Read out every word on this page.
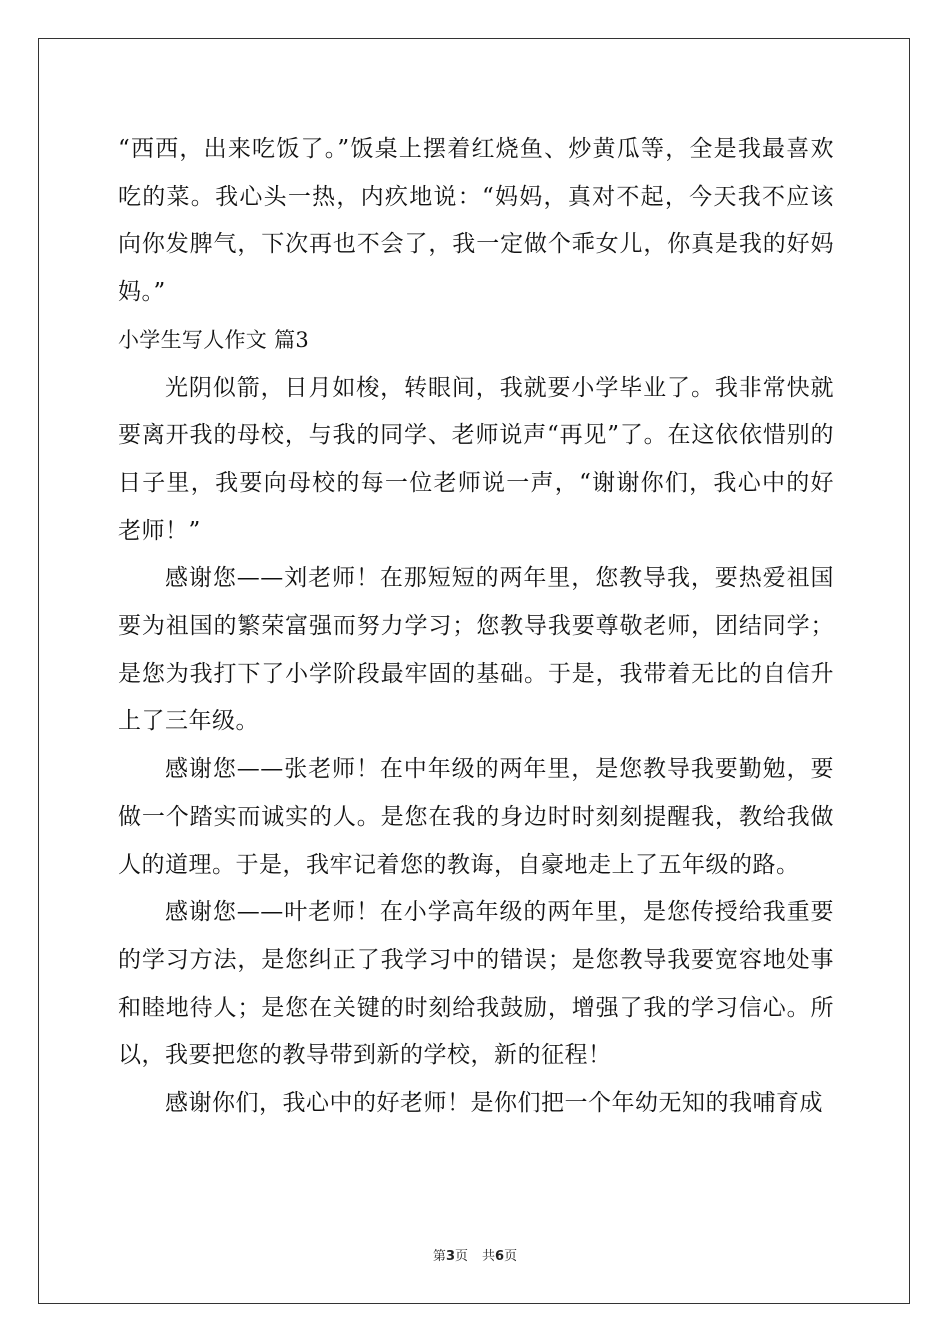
“西西，出来吃饭了。”饭桌上摆着红烧鱼、炒黄瓜等，全是我最喜欢吃的菜。我心头一热，内疚地说：“妈妈，真对不起，今天我不应该向你发脾气，下次再也不会了，我一定做个乖女儿，你真是我的好妈妈。”

小学生写人作文 篇3

光阴似箭，日月如梭，转眼间，我就要小学毕业了。我非常快就要离开我的母校，与我的同学、老师说声“再见”了。在这依依惜别的日子里，我要向母校的每一位老师说一声，“谢谢你们，我心中的好老师！”

感谢您——刘老师！在那短短的两年里，您教导我，要热爱祖国要为祖国的繁荣富强而努力学习；您教导我要尊敬老师，团结同学；是您为我打下了小学阶段最牢固的基础。于是，我带着无比的自信升上了三年级。

感谢您——张老师！在中年级的两年里，是您教导我要勤勉，要做一个踏实而诚实的人。是您在我的身边时时刻刻提醒我，教给我做人的道理。于是，我牢记着您的教诲，自豪地走上了五年级的路。

感谢您——叶老师！在小学高年级的两年里，是您传授给我重要的学习方法，是您纠正了我学习中的错误；是您教导我要宽容地处事和睦地待人；是您在关键的时刻给我鼓励，增强了我的学习信心。所以，我要把您的教导带到新的学校，新的征程！

感谢你们，我心中的好老师！是你们把一个年幼无知的我哺育成

第3页 共6页
